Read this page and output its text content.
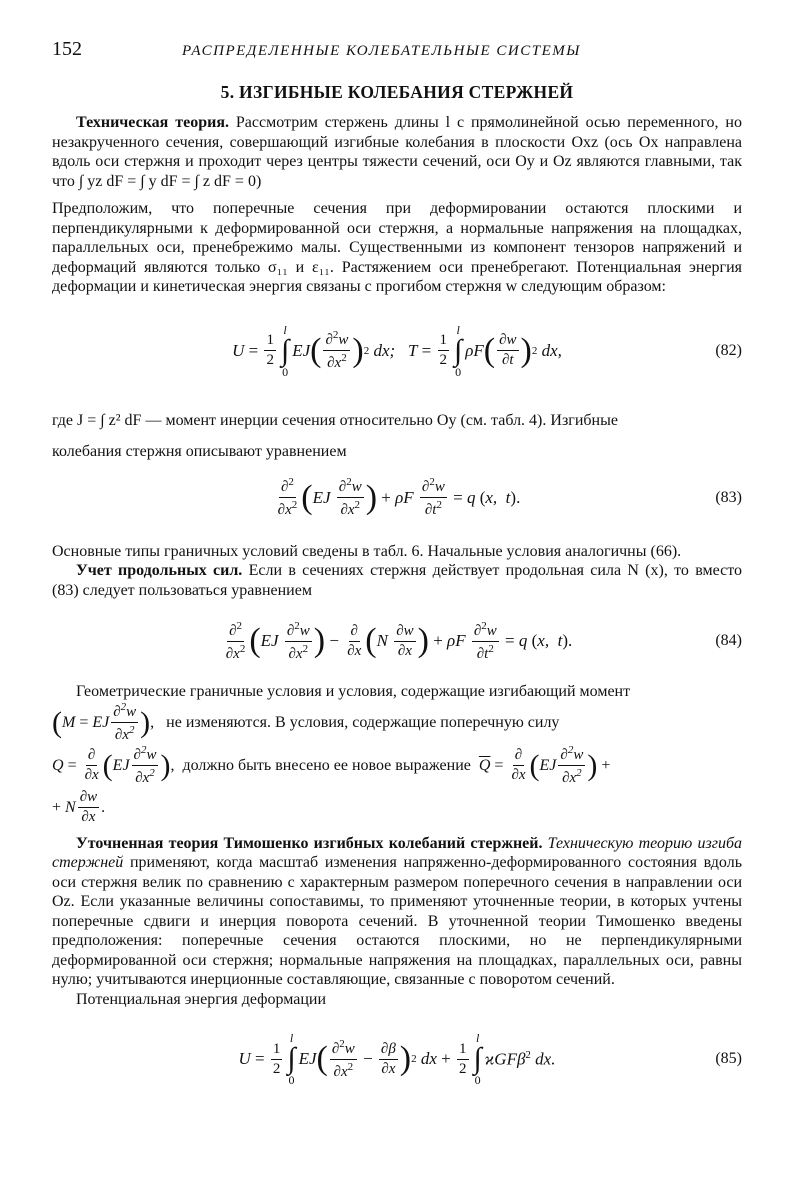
152	РАСПРЕДЕЛЕННЫЕ КОЛЕБАТЕЛЬНЫЕ СИСТЕМЫ
5. ИЗГИБНЫЕ КОЛЕБАНИЯ СТЕРЖНЕЙ

Техническая теория. Рассмотрим стержень длины l с прямолинейной осью переменного, но незакрученного сечения, совершающий изгибные колебания в плоскости Oxz (ось Ox направлена вдоль оси стержня и проходит через центры тяжести сечений, оси Oy и Oz являются главными, так что ∫ yz dF = ∫ y dF = ∫ z dF = 0)

Предположим, что поперечные сечения при деформировании остаются плоскими и перпендикулярными к деформированной оси стержня, а нормальные напряжения на площадках, параллельных оси, пренебрежимо малы. Существенными из компонент тензоров напряжений и деформаций являются только σ₁₁ и ε₁₁. Растяжением оси пренебрегают. Потенциальная энергия деформации и кинетическая энергия связаны с прогибом стержня w следующим образом:

$U = \frac{1}{2}$
l
∫
0
EJ ( $\frac{\partial^2w}{\partial x^2}$ ) 2 dx;   $T = \frac{1}{2}$
l
∫
0
ρF ( $\frac{\partial w}{\partial t}$ ) 2 dx,	(82)

где J = ∫ z² dF — момент инерции сечения относительно Oy (см. табл. 4). Изгибные

колебания стержня описывают уравнением

$\frac{\partial^2}{\partial x^2}$ ( EJ $\frac{\partial^2w}{\partial x^2}$ ) + ρF $\frac{\partial^2w}{\partial t^2} = q$ ( x,  t ).	(83)

Основные типы граничных условий сведены в табл. 6. Начальные условия аналогичны (66).

Учет продольных сил. Если в сечениях стержня действует продольная сила N (x), то вместо (83) следует пользоваться уравнением

$\frac{\partial^2}{\partial x^2}$ ( EJ $\frac{\partial^2w}{\partial x^2}$ ) − $\frac{\partial}{\partial x}$ ( N $\frac{\partial w}{\partial x}$ ) + ρF $\frac{\partial^2w}{\partial t^2} = q$ ( x,  t ).	(84)

Геометрические граничные условия и условия, содержащие изгибающий момент

( M = EJ $\frac{\partial^2w}{\partial x^2}$ ) , не изменяются. В условия, содержащие поперечную силу
$Q = \frac{\partial}{\partial x}$ ( EJ $\frac{\partial^2w}{\partial x^2}$ ) , должно быть внесено ее новое выражение
$\overline{Q} = \frac{\partial}{\partial x}$ ( EJ $\frac{\partial^2w}{\partial x^2}$ ) +
+ N $\frac{\partial w}{\partial x}$ .

Уточненная теория Тимошенко изгибных колебаний стержней. Техническую теорию изгиба стержней применяют, когда масштаб изменения напряженно-деформированного состояния вдоль оси стержня велик по сравнению с характерным размером поперечного сечения в направлении оси Oz. Если указанные величины сопоставимы, то применяют уточненные теории, в которых учтены поперечные сдвиги и инерция поворота сечений. В уточненной теории Тимошенко введены предположения: поперечные сечения остаются плоскими, но не перпендикулярными деформированной оси стержня; нормальные напряжения на площадках, параллельных оси, равны нулю; учитываются инерционные составляющие, связанные с поворотом сечений.

Потенциальная энергия деформации

$U = \frac{1}{2}$
l
∫
0
EJ ( $\frac{\partial^2w}{\partial x^2} - \frac{\partial\beta}{\partial x}$ ) 2 dx + $\frac{1}{2}$
l
∫
0
ϰGFβ$^2$ dx.	(85)
